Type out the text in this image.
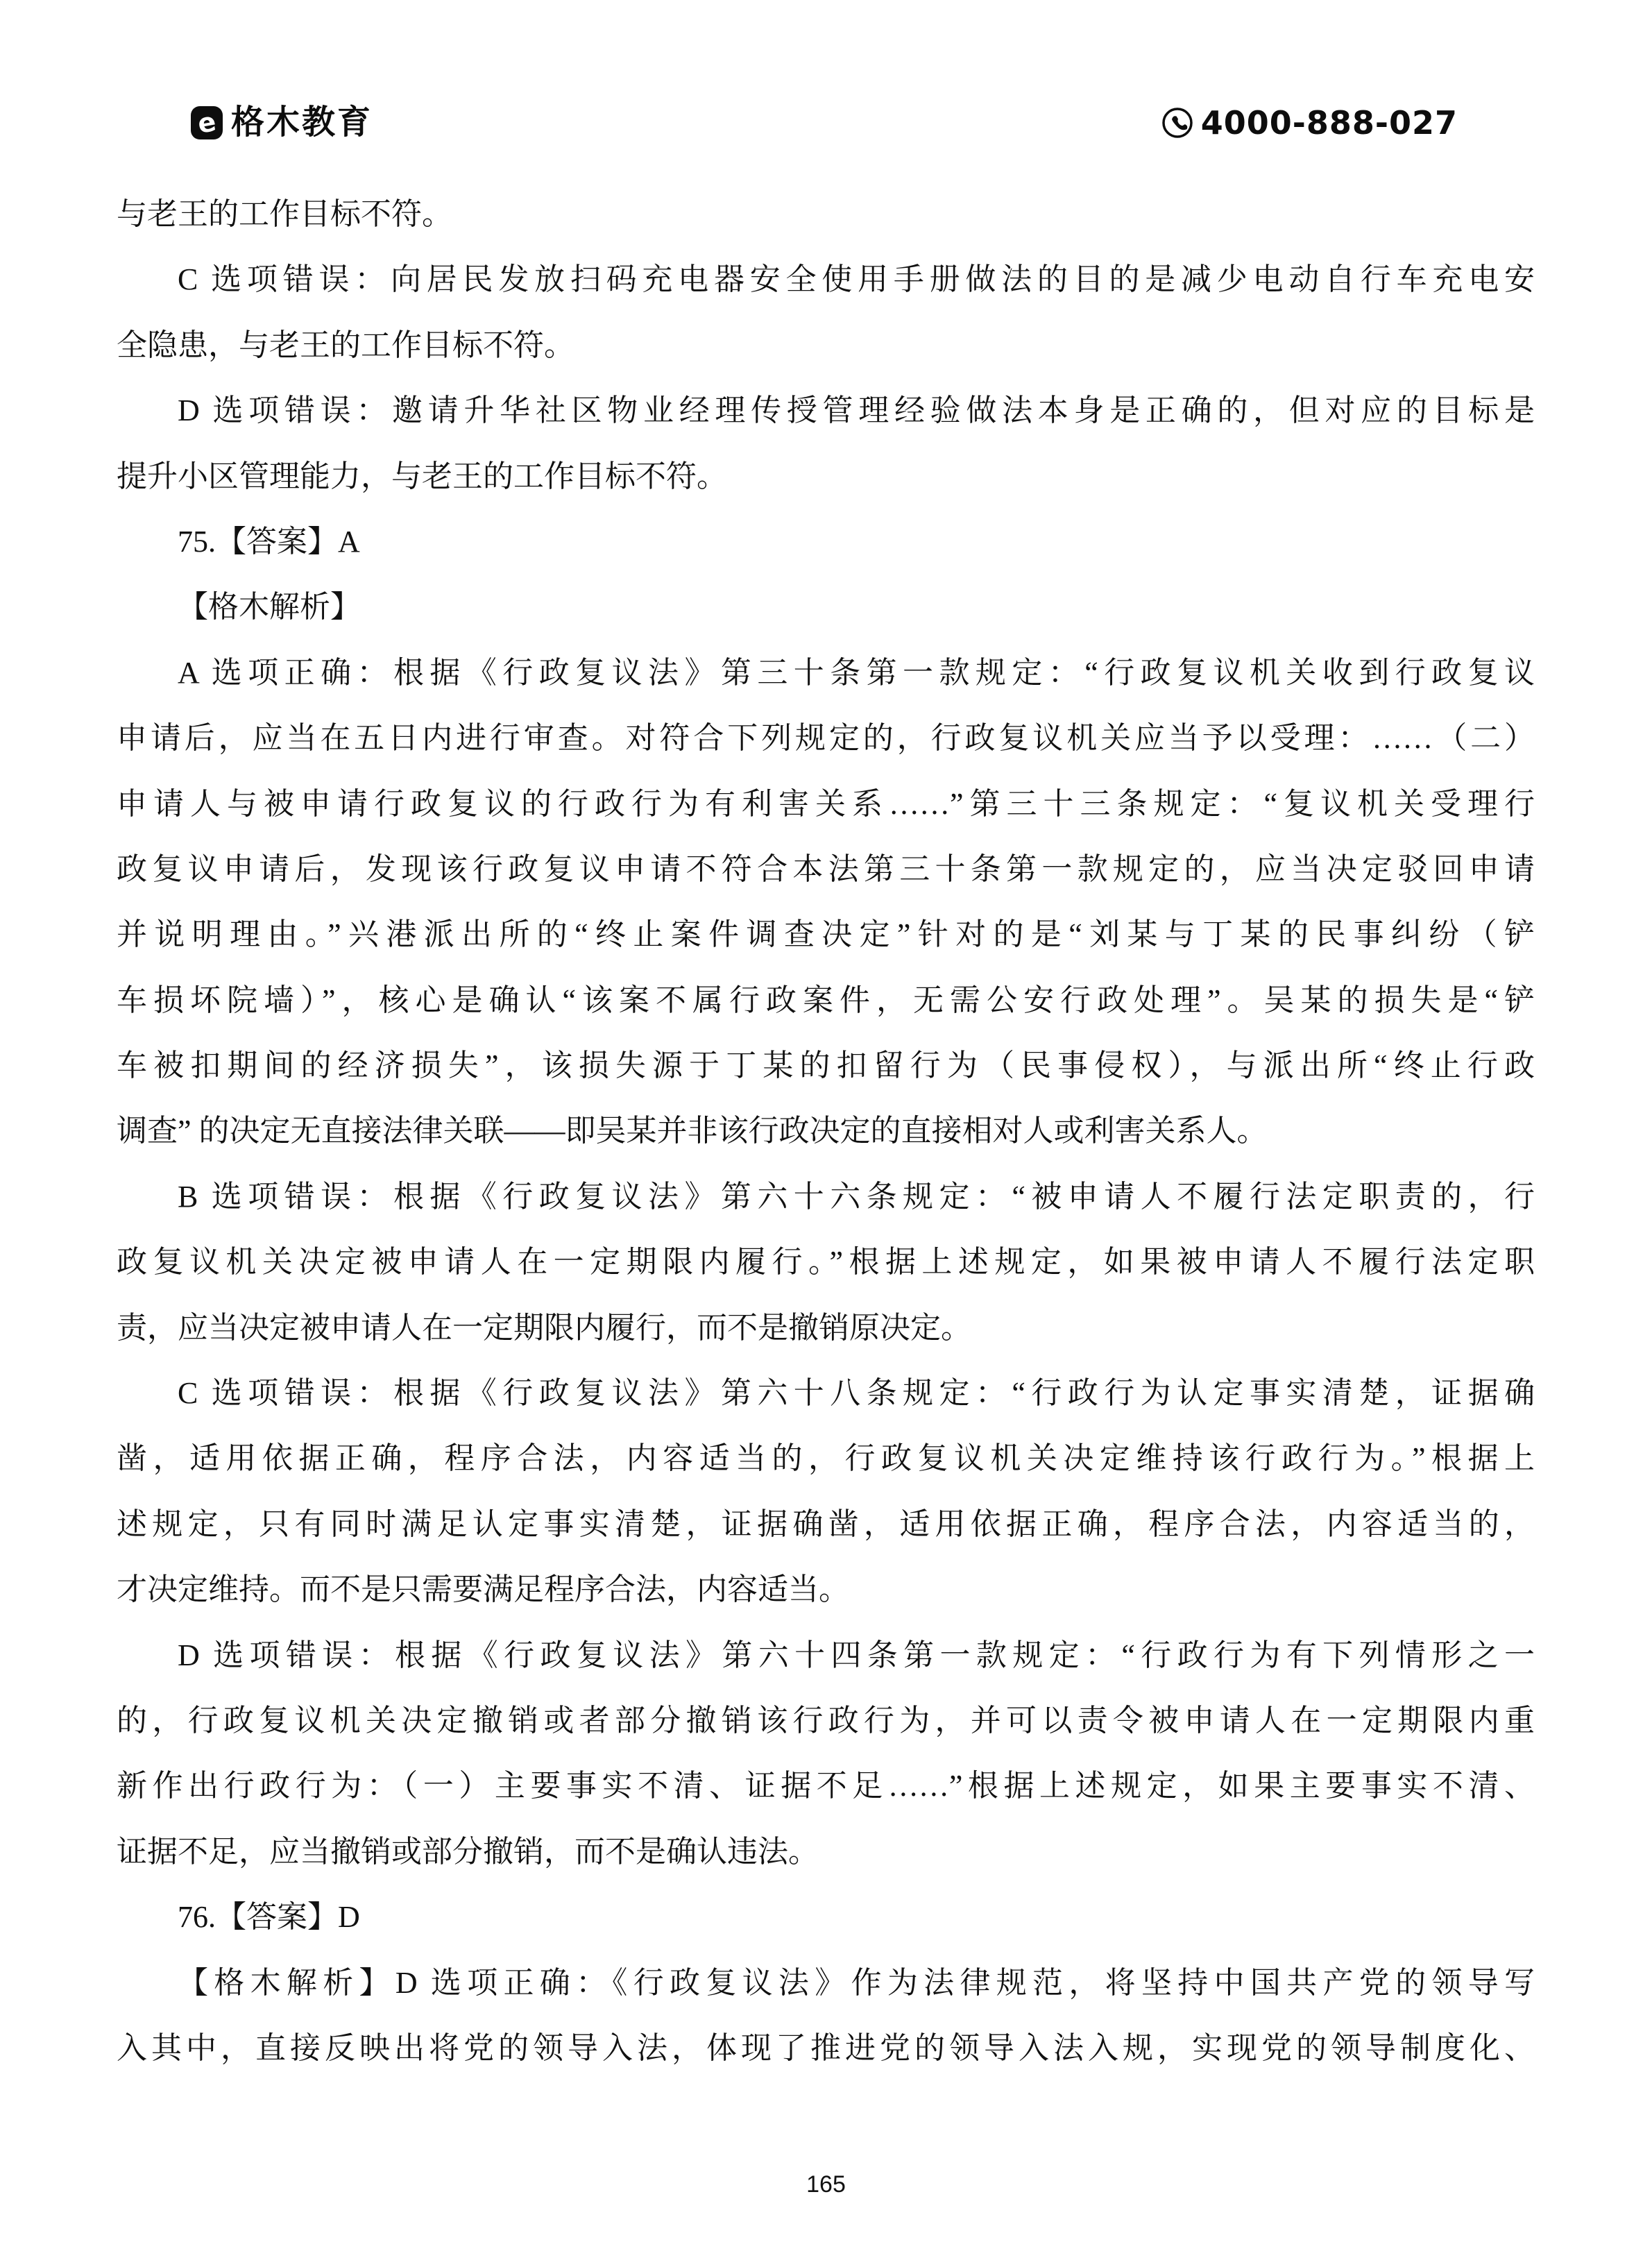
e 格木教育	4000-888-027
与老王的工作目标不符。
C 选项错误：向居民发放扫码充电器安全使用手册做法的目的是减少电动自行车充电安
全隐患，与老王的工作目标不符。
D 选项错误：邀请升华社区物业经理传授管理经验做法本身是正确的，但对应的目标是
提升小区管理能力，与老王的工作目标不符。
75.【答案】A
【格木解析】
A 选项正确：根据《行政复议法》第三十条第一款规定：“行政复议机关收到行政复议
申请后，应当在五日内进行审查。对符合下列规定的，行政复议机关应当予以受理：……（二）
申请人与被申请行政复议的行政行为有利害关系……”第三十三条规定：“复议机关受理行
政复议申请后，发现该行政复议申请不符合本法第三十条第一款规定的，应当决定驳回申请
并说明理由。”兴港派出所的“终止案件调查决定”针对的是“刘某与丁某的民事纠纷（铲
车损坏院墙）”，核心是确认“该案不属行政案件，无需公安行政处理”。吴某的损失是“铲
车被扣期间的经济损失”，该损失源于丁某的扣留行为（民事侵权），与派出所“终止行政
调查” 的决定无直接法律关联——即吴某并非该行政决定的直接相对人或利害关系人。
B 选项错误：根据《行政复议法》第六十六条规定：“被申请人不履行法定职责的，行
政复议机关决定被申请人在一定期限内履行。”根据上述规定，如果被申请人不履行法定职
责，应当决定被申请人在一定期限内履行，而不是撤销原决定。
C 选项错误：根据《行政复议法》第六十八条规定：“行政行为认定事实清楚，证据确
凿，适用依据正确，程序合法，内容适当的，行政复议机关决定维持该行政行为。”根据上
述规定，只有同时满足认定事实清楚，证据确凿，适用依据正确，程序合法，内容适当的，
才决定维持。而不是只需要满足程序合法，内容适当。
D 选项错误：根据《行政复议法》第六十四条第一款规定：“行政行为有下列情形之一
的，行政复议机关决定撤销或者部分撤销该行政行为，并可以责令被申请人在一定期限内重
新作出行政行为：（一）主要事实不清、证据不足……”根据上述规定，如果主要事实不清、
证据不足，应当撤销或部分撤销，而不是确认违法。
76.【答案】D
【格木解析】D 选项正确：《行政复议法》作为法律规范，将坚持中国共产党的领导写
入其中，直接反映出将党的领导入法，体现了推进党的领导入法入规，实现党的领导制度化、
165
